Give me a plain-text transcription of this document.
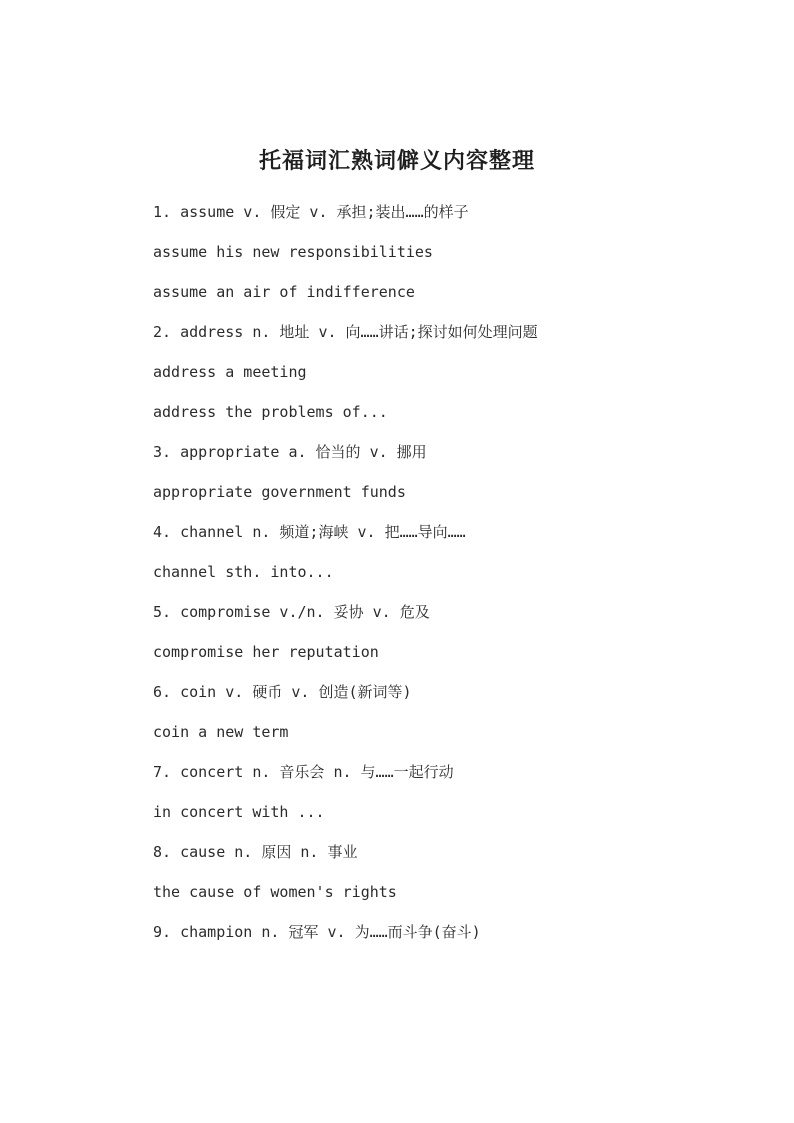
托福词汇熟词僻义内容整理
1. assume v. 假定 v. 承担;装出……的样子
assume his new responsibilities
assume an air of indifference
2. address n. 地址 v. 向……讲话;探讨如何处理问题
address a meeting
address the problems of...
3. appropriate a. 恰当的 v. 挪用
appropriate government funds
4. channel n. 频道;海峡 v. 把……导向……
channel sth. into...
5. compromise v./n. 妥协 v. 危及
compromise her reputation
6. coin v. 硬币 v. 创造(新词等)
coin a new term
7. concert n. 音乐会 n. 与……一起行动
in concert with ...
8. cause n. 原因 n. 事业
the cause of women's rights
9. champion n. 冠军 v. 为……而斗争(奋斗)
